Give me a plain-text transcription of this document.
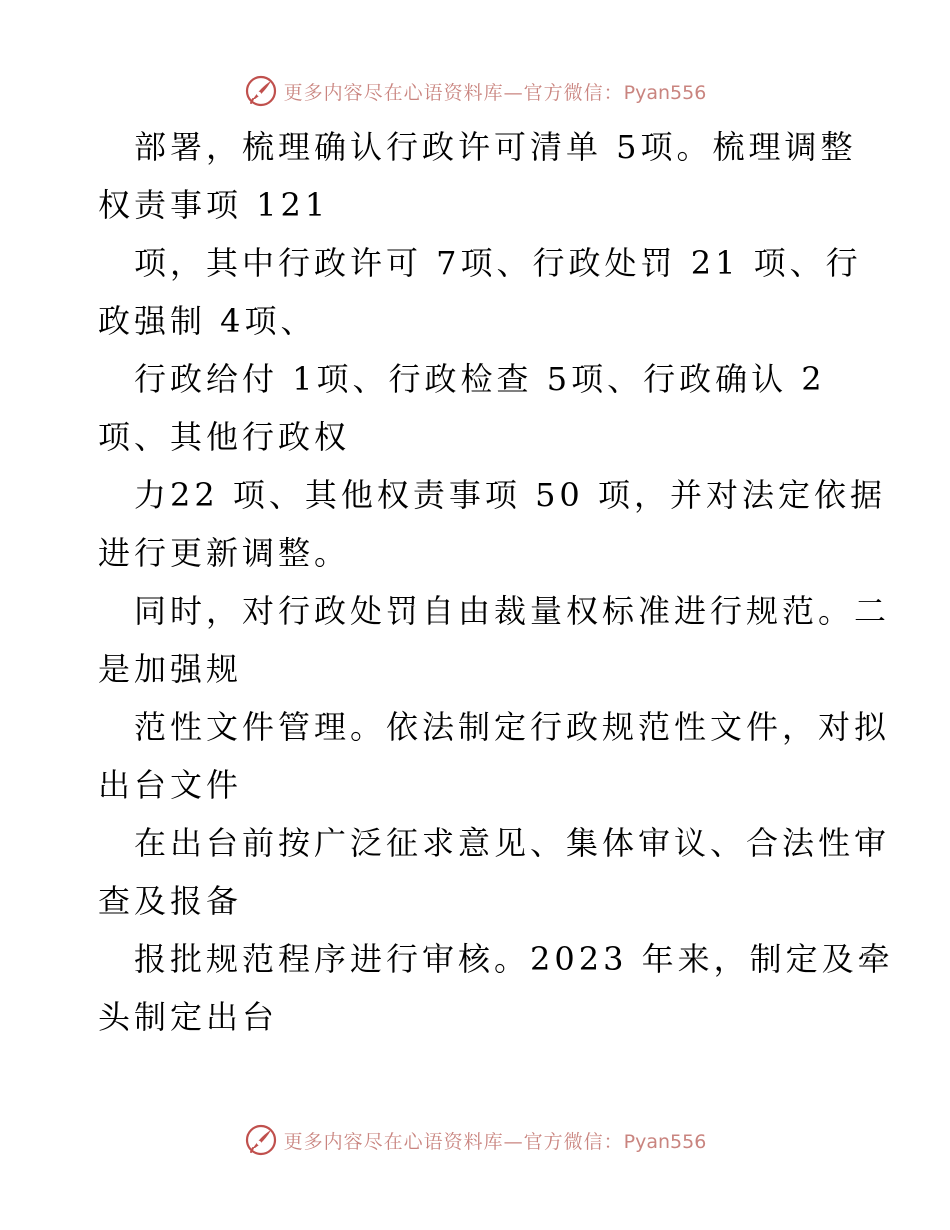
更多内容尽在心语资料库—官方微信：Pyan556
部署，梳理确认行政许可清单 5项。梳理调整
权责事项 121
项，其中行政许可 7项、行政处罚 21 项、行
政强制 4项、
行政给付 1项、行政检查 5项、行政确认 2
项、其他行政权
力22 项、其他权责事项 50 项，并对法定依据
进行更新调整。
同时，对行政处罚自由裁量权标准进行规范。二
是加强规
范性文件管理。依法制定行政规范性文件，对拟
出台文件
在出台前按广泛征求意见、集体审议、合法性审
查及报备
报批规范程序进行审核。2023 年来，制定及牵
头制定出台
更多内容尽在心语资料库—官方微信：Pyan556
